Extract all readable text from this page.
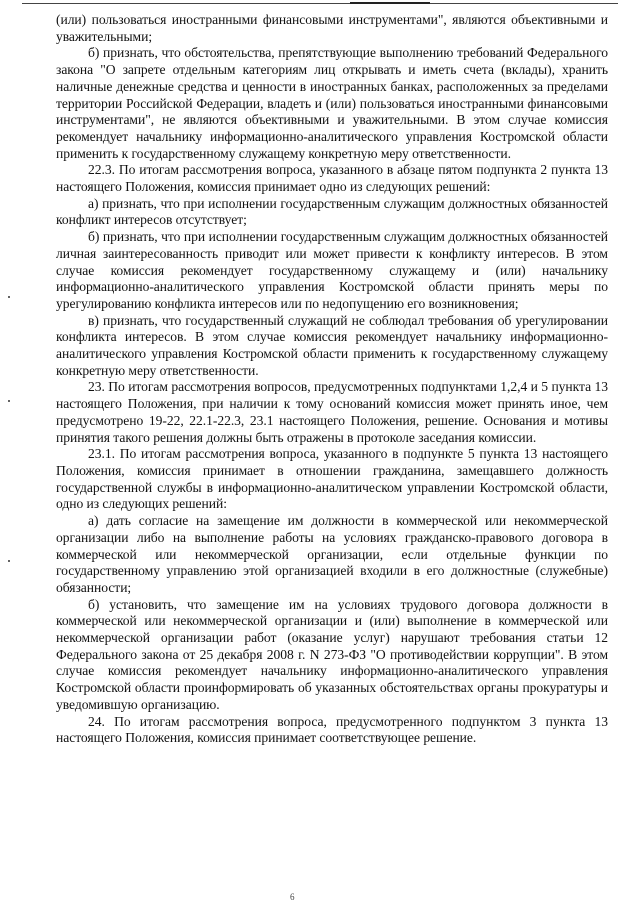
(или) пользоваться иностранными финансовыми инструментами", являются объективными и уважительными;

б) признать, что обстоятельства, препятствующие выполнению требований Федерального закона "О запрете отдельным категориям лиц открывать и иметь счета (вклады), хранить наличные денежные средства и ценности в иностранных банках, расположенных за пределами территории Российской Федерации, владеть и (или) пользоваться иностранными финансовыми инструментами", не являются объективными и уважительными. В этом случае комиссия рекомендует начальнику информационно-аналитического управления Костромской области применить к государственному служащему конкретную меру ответственности.

22.3. По итогам рассмотрения вопроса, указанного в абзаце пятом подпункта 2 пункта 13 настоящего Положения, комиссия принимает одно из следующих решений:

а) признать, что при исполнении государственным служащим должностных обязанностей конфликт интересов отсутствует;

б) признать, что при исполнении государственным служащим должностных обязанностей личная заинтересованность приводит или может привести к конфликту интересов. В этом случае комиссия рекомендует государственному служащему и (или) начальнику информационно-аналитического управления Костромской области принять меры по урегулированию конфликта интересов или по недопущению его возникновения;

в) признать, что государственный служащий не соблюдал требования об урегулировании конфликта интересов. В этом случае комиссия рекомендует начальнику информационно-аналитического управления Костромской области применить к государственному служащему конкретную меру ответственности.

23. По итогам рассмотрения вопросов, предусмотренных подпунктами 1,2,4 и 5 пункта 13 настоящего Положения, при наличии к тому оснований комиссия может принять иное, чем предусмотрено 19-22, 22.1-22.3, 23.1 настоящего Положения, решение. Основания и мотивы принятия такого решения должны быть отражены в протоколе заседания комиссии.

23.1. По итогам рассмотрения вопроса, указанного в подпункте 5 пункта 13 настоящего Положения, комиссия принимает в отношении гражданина, замещавшего должность государственной службы в информационно-аналитическом управлении Костромской области, одно из следующих решений:

а) дать согласие на замещение им должности в коммерческой или некоммерческой организации либо на выполнение работы на условиях гражданско-правового договора в коммерческой или некоммерческой организации, если отдельные функции по государственному управлению этой организацией входили в его должностные (служебные) обязанности;

б) установить, что замещение им на условиях трудового договора должности в коммерческой или некоммерческой организации и (или) выполнение в коммерческой или некоммерческой организации работ (оказание услуг) нарушают требования статьи 12 Федерального закона от 25 декабря 2008 г. N 273-ФЗ "О противодействии коррупции". В этом случае комиссия рекомендует начальнику информационно-аналитического управления Костромской области проинформировать об указанных обстоятельствах органы прокуратуры и уведомившую организацию.

24. По итогам рассмотрения вопроса, предусмотренного подпунктом 3 пункта 13 настоящего Положения, комиссия принимает соответствующее решение.

6
